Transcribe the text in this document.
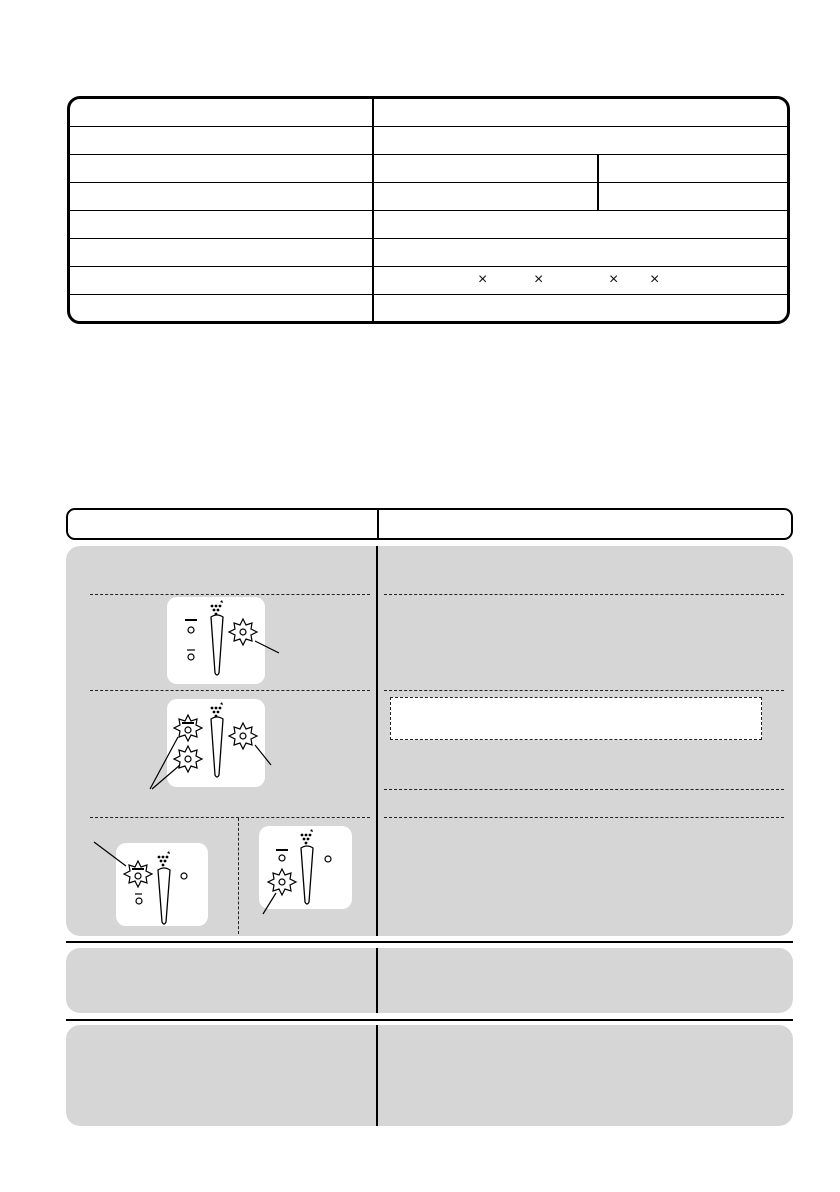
×	×	× ×
